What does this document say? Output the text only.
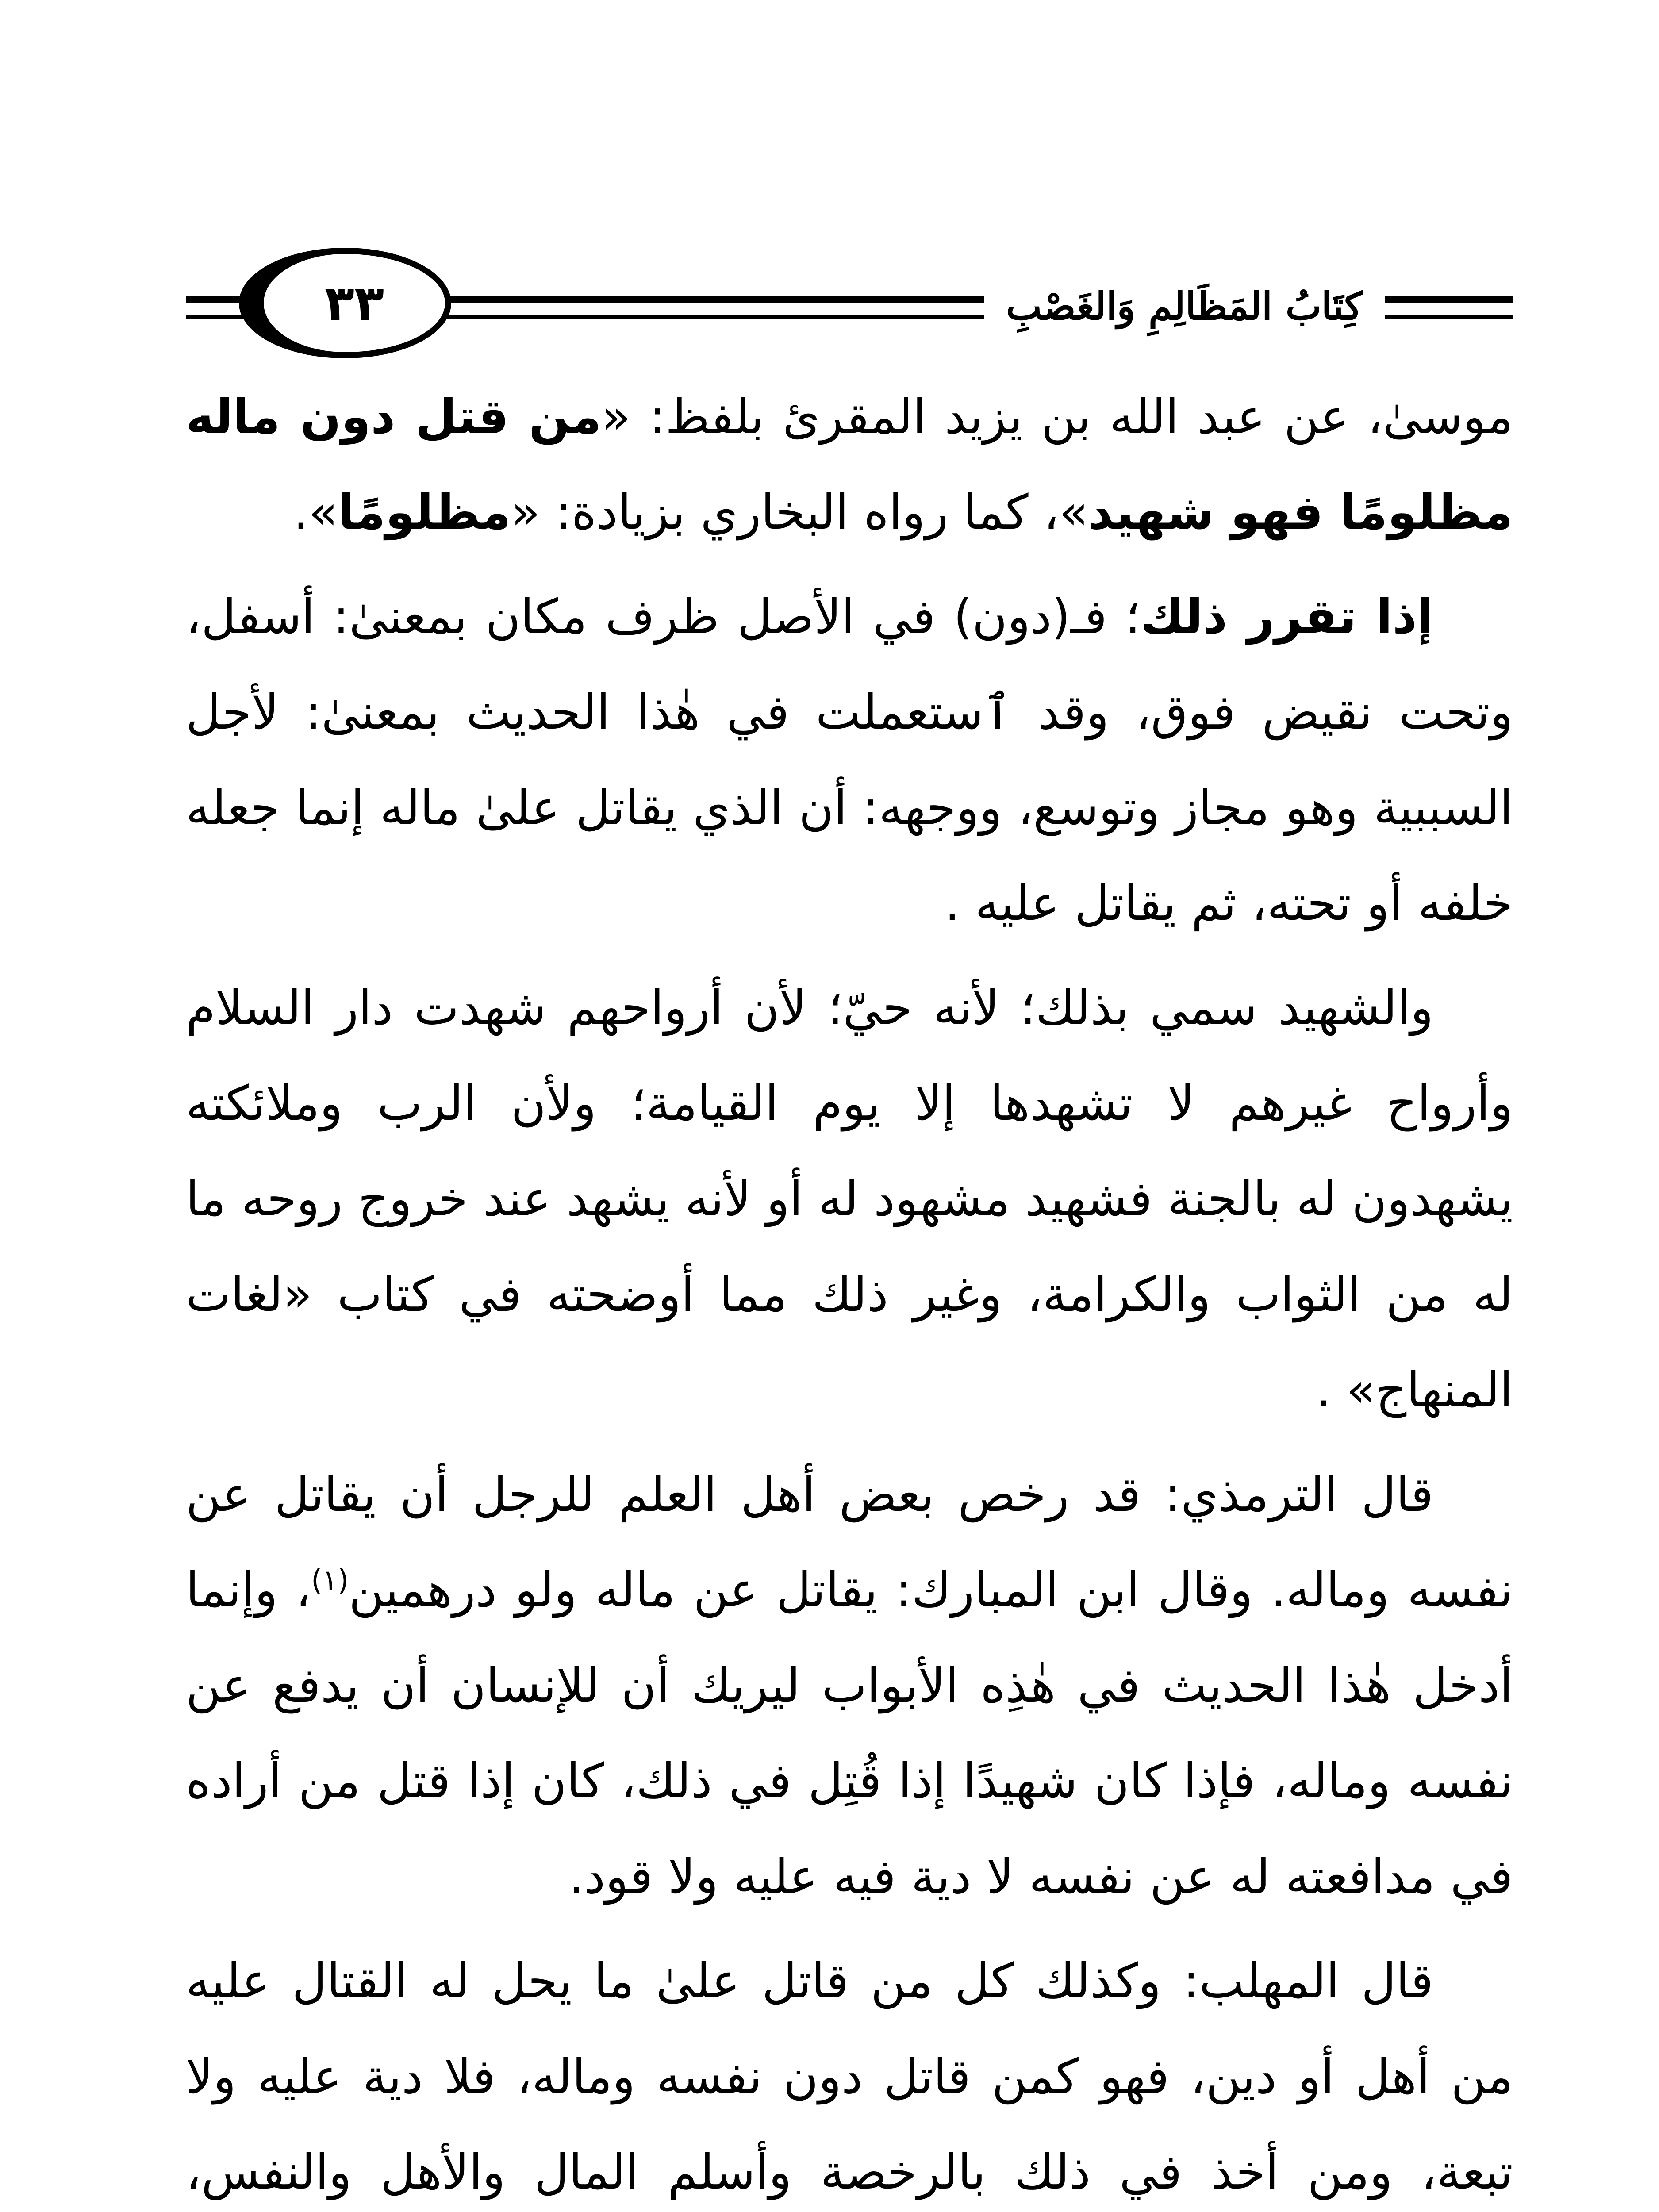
كِتَابُ المَظَالِمِ وَالغَصْبِ
٣٣

موسىٰ، عن عبد الله بن يزيد المقرئ بلفظ: «من قتل دون ماله مظلومًا فهو شهيد»، كما رواه البخاري بزيادة: «مظلومًا».

إذا تقرر ذلك؛ فـ(دون) في الأصل ظرف مكان بمعنىٰ: أسفل، وتحت نقيض فوق، وقد ٱستعملت في هٰذا الحديث بمعنىٰ: لأجل السببية وهو مجاز وتوسع، ووجهه: أن الذي يقاتل علىٰ ماله إنما جعله خلفه أو تحته، ثم يقاتل عليه .

والشهيد سمي بذلك؛ لأنه حيّ؛ لأن أرواحهم شهدت دار السلام وأرواح غيرهم لا تشهدها إلا يوم القيامة؛ ولأن الرب وملائكته يشهدون له بالجنة فشهيد مشهود له أو لأنه يشهد عند خروج روحه ما له من الثواب والكرامة، وغير ذلك مما أوضحته في كتاب «لغات المنهاج» .

قال الترمذي: قد رخص بعض أهل العلم للرجل أن يقاتل عن نفسه وماله. وقال ابن المبارك: يقاتل عن ماله ولو درهمين$^{(١)}$، وإنما أدخل هٰذا الحديث في هٰذِه الأبواب ليريك أن للإنسان أن يدفع عن نفسه وماله، فإذا كان شهيدًا إذا قُتِل في ذلك، كان إذا قتل من أراده في مدافعته له عن نفسه لا دية فيه عليه ولا قود.

قال المهلب: وكذلك كل من قاتل علىٰ ما يحل له القتال عليه من أهل أو دين، فهو كمن قاتل دون نفسه وماله، فلا دية عليه ولا تبعة، ومن أخذ في ذلك بالرخصة وأسلم المال والأهل والنفس،
